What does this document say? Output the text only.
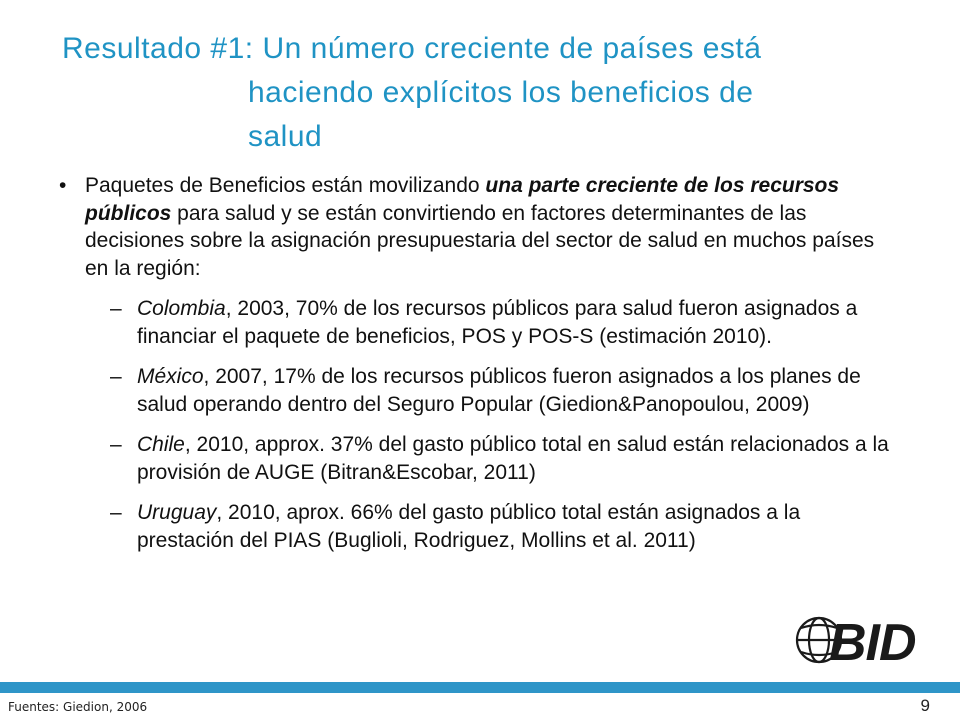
Resultado #1: Un número creciente de países está
haciendo explícitos los beneficios de
salud
• Paquetes de Beneficios están movilizando una parte creciente de los recursos públicos para salud y se están convirtiendo en factores determinantes de las decisiones sobre la asignación presupuestaria del sector de salud en muchos países en la región:
– Colombia, 2003, 70% de los recursos públicos para salud fueron asignados a financiar el paquete de beneficios, POS y POS-S (estimación 2010).
– México, 2007, 17% de los recursos públicos fueron asignados a los planes de salud operando dentro del Seguro Popular (Giedion&Panopoulou, 2009)
– Chile, 2010, approx. 37% del gasto público total en salud están relacionados a la provisión de AUGE (Bitran&Escobar, 2011)
– Uruguay, 2010, aprox. 66% del gasto público total están asignados a la prestación del PIAS (Buglioli, Rodriguez, Mollins et al. 2011)
BID
Fuentes: Giedion, 2006	9
